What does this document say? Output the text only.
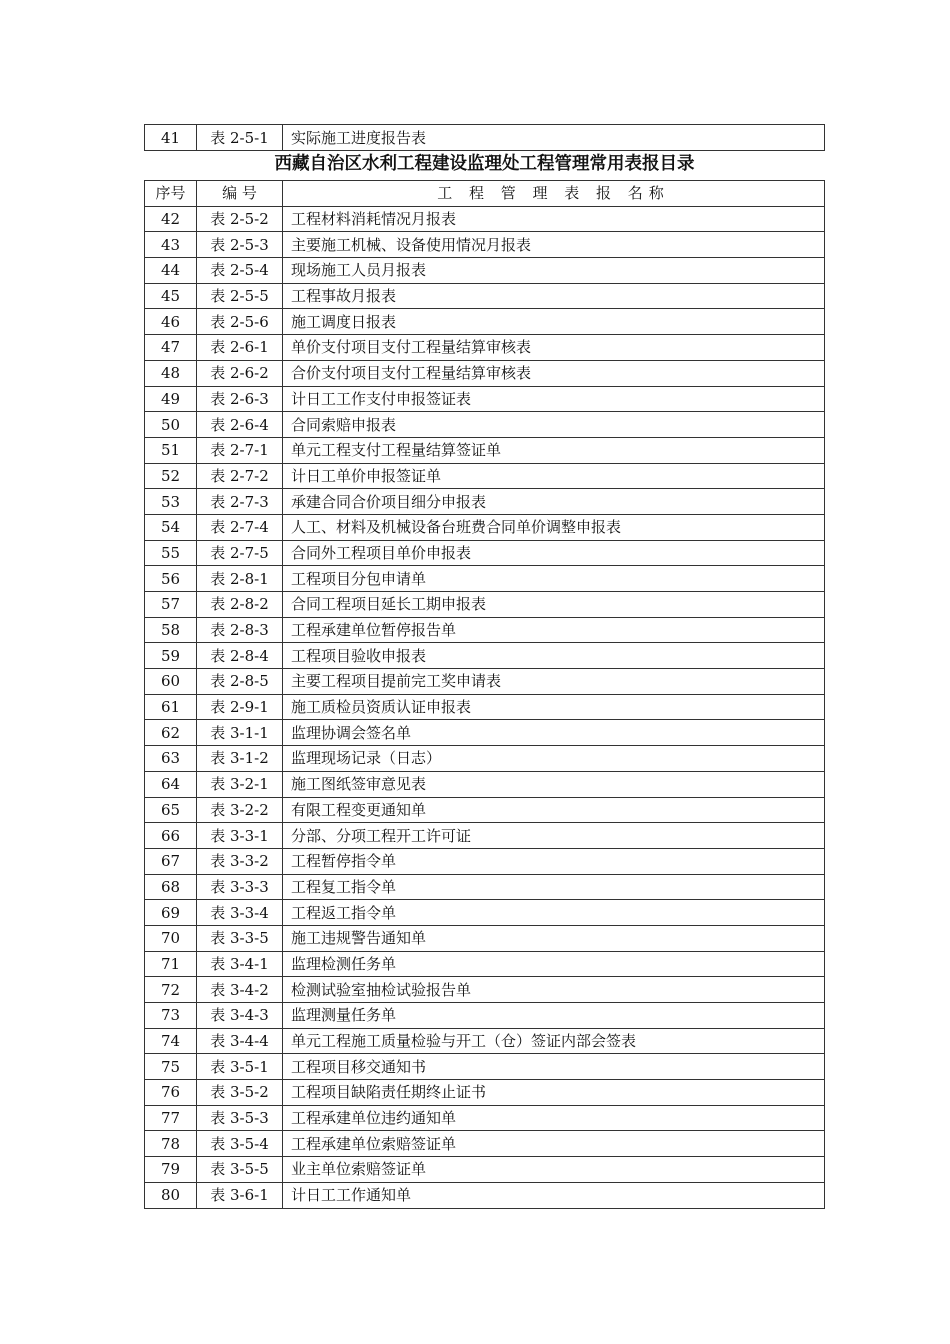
41	表 2-5-1	实际施工进度报告表
西藏自治区水利工程建设监理处工程管理常用表报目录
序号	编 号	工 程 管 理 表 报 名称
42	表 2-5-2	工程材料消耗情况月报表
43	表 2-5-3	主要施工机械、设备使用情况月报表
44	表 2-5-4	现场施工人员月报表
45	表 2-5-5	工程事故月报表
46	表 2-5-6	施工调度日报表
47	表 2-6-1	单价支付项目支付工程量结算审核表
48	表 2-6-2	合价支付项目支付工程量结算审核表
49	表 2-6-3	计日工工作支付申报签证表
50	表 2-6-4	合同索赔申报表
51	表 2-7-1	单元工程支付工程量结算签证单
52	表 2-7-2	计日工单价申报签证单
53	表 2-7-3	承建合同合价项目细分申报表
54	表 2-7-4	人工、材料及机械设备台班费合同单价调整申报表
55	表 2-7-5	合同外工程项目单价申报表
56	表 2-8-1	工程项目分包申请单
57	表 2-8-2	合同工程项目延长工期申报表
58	表 2-8-3	工程承建单位暂停报告单
59	表 2-8-4	工程项目验收申报表
60	表 2-8-5	主要工程项目提前完工奖申请表
61	表 2-9-1	施工质检员资质认证申报表
62	表 3-1-1	监理协调会签名单
63	表 3-1-2	监理现场记录（日志）
64	表 3-2-1	施工图纸签审意见表
65	表 3-2-2	有限工程变更通知单
66	表 3-3-1	分部、分项工程开工许可证
67	表 3-3-2	工程暂停指令单
68	表 3-3-3	工程复工指令单
69	表 3-3-4	工程返工指令单
70	表 3-3-5	施工违规警告通知单
71	表 3-4-1	监理检测任务单
72	表 3-4-2	检测试验室抽检试验报告单
73	表 3-4-3	监理测量任务单
74	表 3-4-4	单元工程施工质量检验与开工（仓）签证内部会签表
75	表 3-5-1	工程项目移交通知书
76	表 3-5-2	工程项目缺陷责任期终止证书
77	表 3-5-3	工程承建单位违约通知单
78	表 3-5-4	工程承建单位索赔签证单
79	表 3-5-5	业主单位索赔签证单
80	表 3-6-1	计日工工作通知单
